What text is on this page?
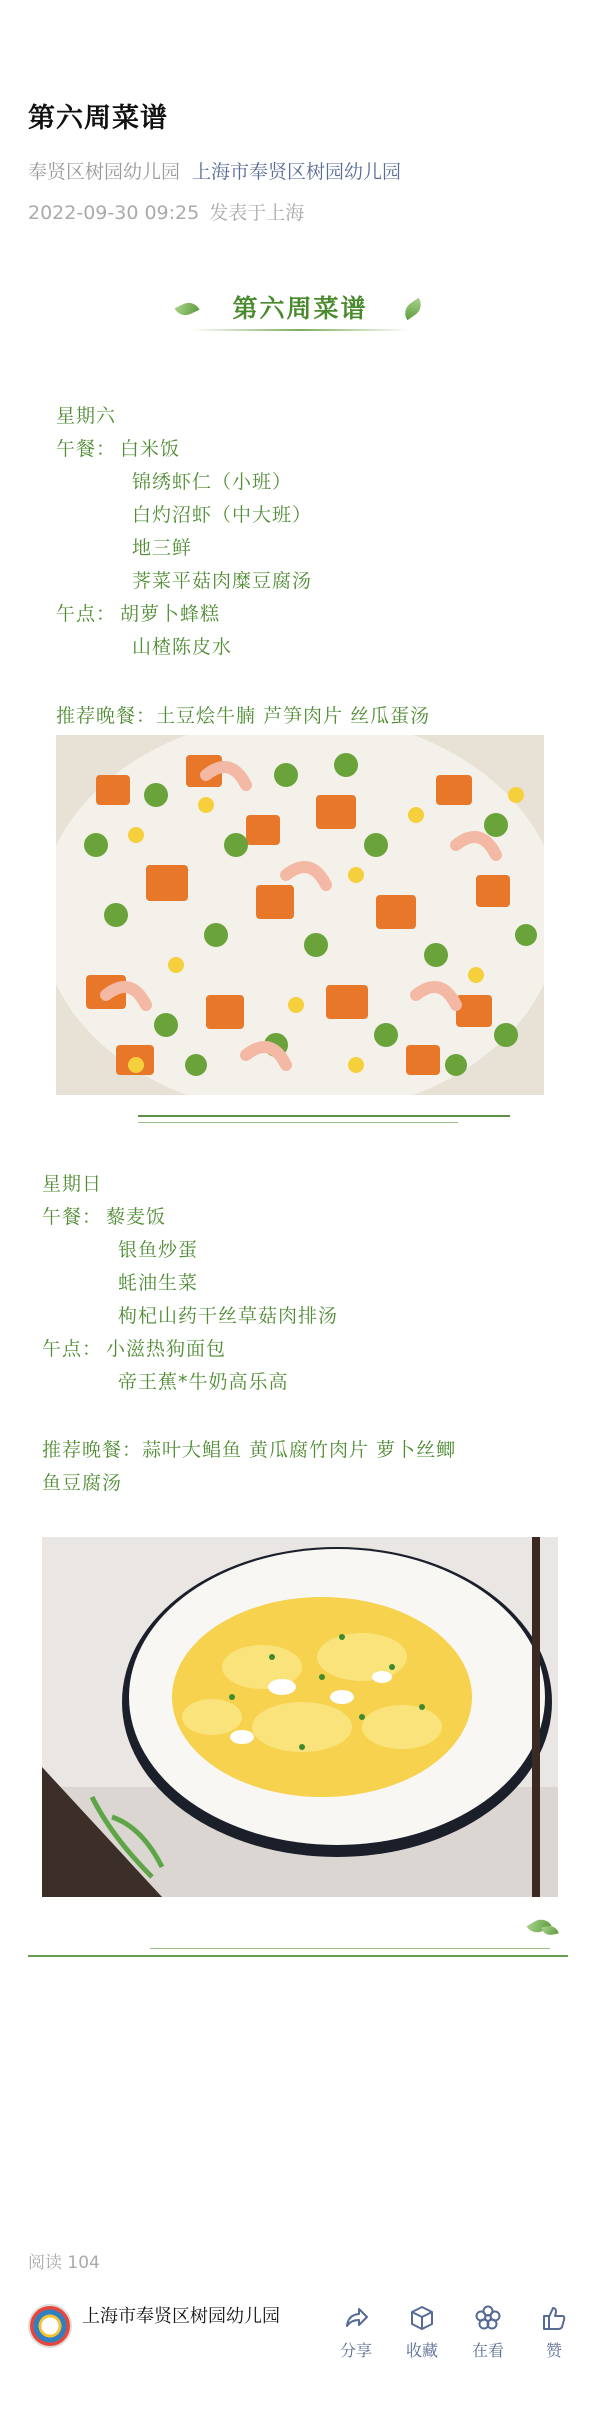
第六周菜谱
奉贤区树园幼儿园 上海市奉贤区树园幼儿园
2022-09-30 09:25 发表于上海
第六周菜谱
星期六
午餐： 白米饭
锦绣虾仁（小班）
白灼沼虾（中大班）
地三鲜
荠菜平菇肉糜豆腐汤
午点： 胡萝卜蜂糕
山楂陈皮水
推荐晚餐：土豆烩牛腩 芦笋肉片 丝瓜蛋汤
星期日
午餐： 藜麦饭
银鱼炒蛋
蚝油生菜
枸杞山药干丝草菇肉排汤
午点： 小滋热狗面包
帝王蕉*牛奶高乐高
推荐晚餐：蒜叶大鲳鱼 黄瓜腐竹肉片 萝卜丝鲫
鱼豆腐汤
阅读 104
上海市奉贤区树园幼儿园
分享	收藏	在看	赞
